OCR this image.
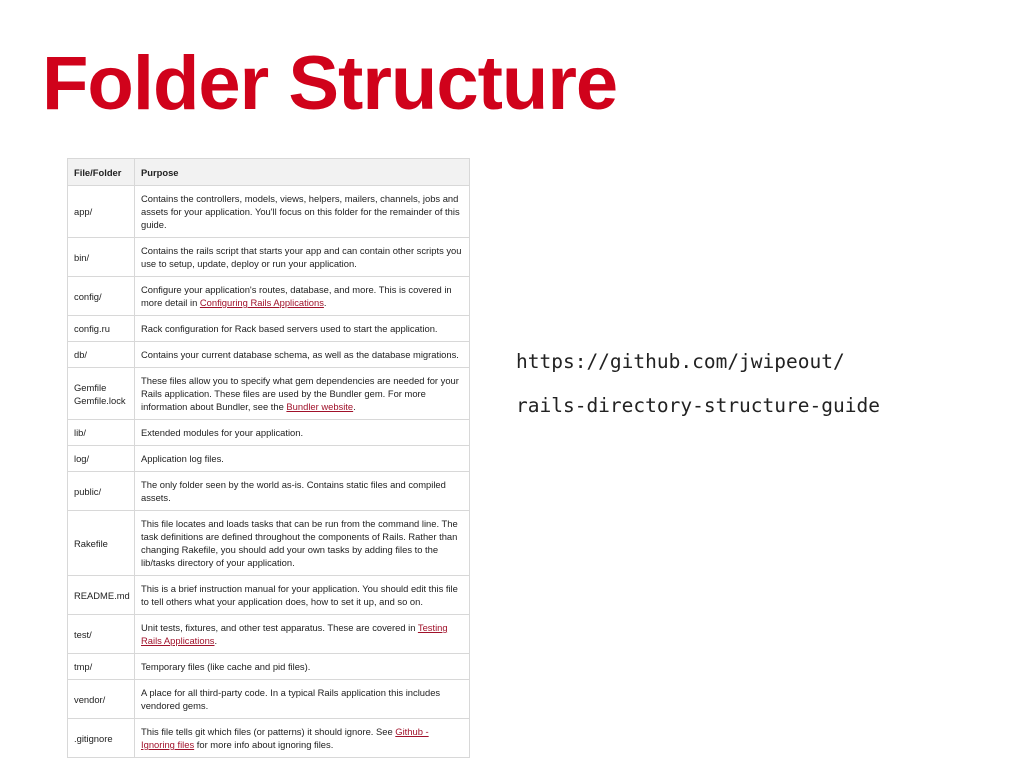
Folder Structure
File/Folder	Purpose
app/	Contains the controllers, models, views, helpers, mailers, channels, jobs and assets for your application. You'll focus on this folder for the remainder of this guide.
bin/	Contains the rails script that starts your app and can contain other scripts you use to setup, update, deploy or run your application.
config/	Configure your application's routes, database, and more. This is covered in more detail in Configuring Rails Applications.
config.ru	Rack configuration for Rack based servers used to start the application.
db/	Contains your current database schema, as well as the database migrations.
Gemfile
Gemfile.lock	These files allow you to specify what gem dependencies are needed for your Rails application. These files are used by the Bundler gem. For more information about Bundler, see the Bundler website.
lib/	Extended modules for your application.
log/	Application log files.
public/	The only folder seen by the world as-is. Contains static files and compiled assets.
Rakefile	This file locates and loads tasks that can be run from the command line. The task definitions are defined throughout the components of Rails. Rather than changing Rakefile, you should add your own tasks by adding files to the lib/tasks directory of your application.
README.md	This is a brief instruction manual for your application. You should edit this file to tell others what your application does, how to set it up, and so on.
test/	Unit tests, fixtures, and other test apparatus. These are covered in Testing Rails Applications.
tmp/	Temporary files (like cache and pid files).
vendor/	A place for all third-party code. In a typical Rails application this includes vendored gems.
.gitignore	This file tells git which files (or patterns) it should ignore. See Github - Ignoring files for more info about ignoring files.

https://github.com/jwipeout/

rails-directory-structure-guide
